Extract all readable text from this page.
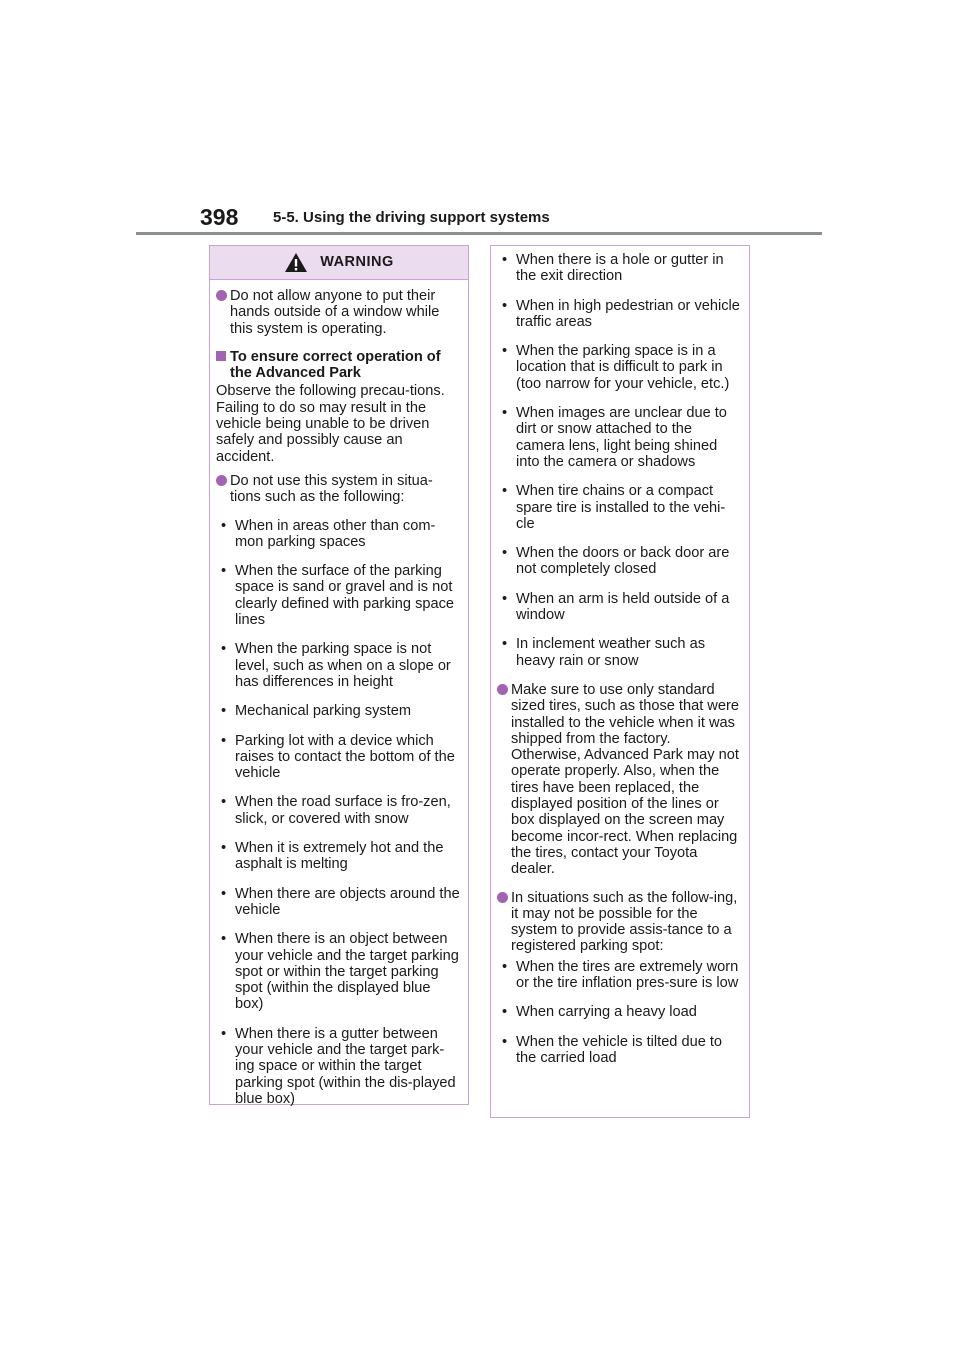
398 5-5. Using the driving support systems
WARNING
Do not allow anyone to put their hands outside of a window while this system is operating.
To ensure correct operation of the Advanced Park
Observe the following precau-tions. Failing to do so may result in the vehicle being unable to be driven safely and possibly cause an accident.
Do not use this system in situa-tions such as the following:
• When in areas other than com-mon parking spaces
• When the surface of the parking space is sand or gravel and is not clearly defined with parking space lines
• When the parking space is not level, such as when on a slope or has differences in height
• Mechanical parking system
• Parking lot with a device which raises to contact the bottom of the vehicle
• When the road surface is fro-zen, slick, or covered with snow
• When it is extremely hot and the asphalt is melting
• When there are objects around the vehicle
• When there is an object between your vehicle and the target parking spot or within the target parking spot (within the displayed blue box)
• When there is a gutter between your vehicle and the target park-ing space or within the target parking spot (within the dis-played blue box)
• When there is a hole or gutter in the exit direction
• When in high pedestrian or vehicle traffic areas
• When the parking space is in a location that is difficult to park in (too narrow for your vehicle, etc.)
• When images are unclear due to dirt or snow attached to the camera lens, light being shined into the camera or shadows
• When tire chains or a compact spare tire is installed to the vehi-cle
• When the doors or back door are not completely closed
• When an arm is held outside of a window
• In inclement weather such as heavy rain or snow
Make sure to use only standard sized tires, such as those that were installed to the vehicle when it was shipped from the factory. Otherwise, Advanced Park may not operate properly. Also, when the tires have been replaced, the displayed position of the lines or box displayed on the screen may become incor-rect. When replacing the tires, contact your Toyota dealer.
In situations such as the follow-ing, it may not be possible for the system to provide assis-tance to a registered parking spot:
• When the tires are extremely worn or the tire inflation pres-sure is low
• When carrying a heavy load
• When the vehicle is tilted due to the carried load
